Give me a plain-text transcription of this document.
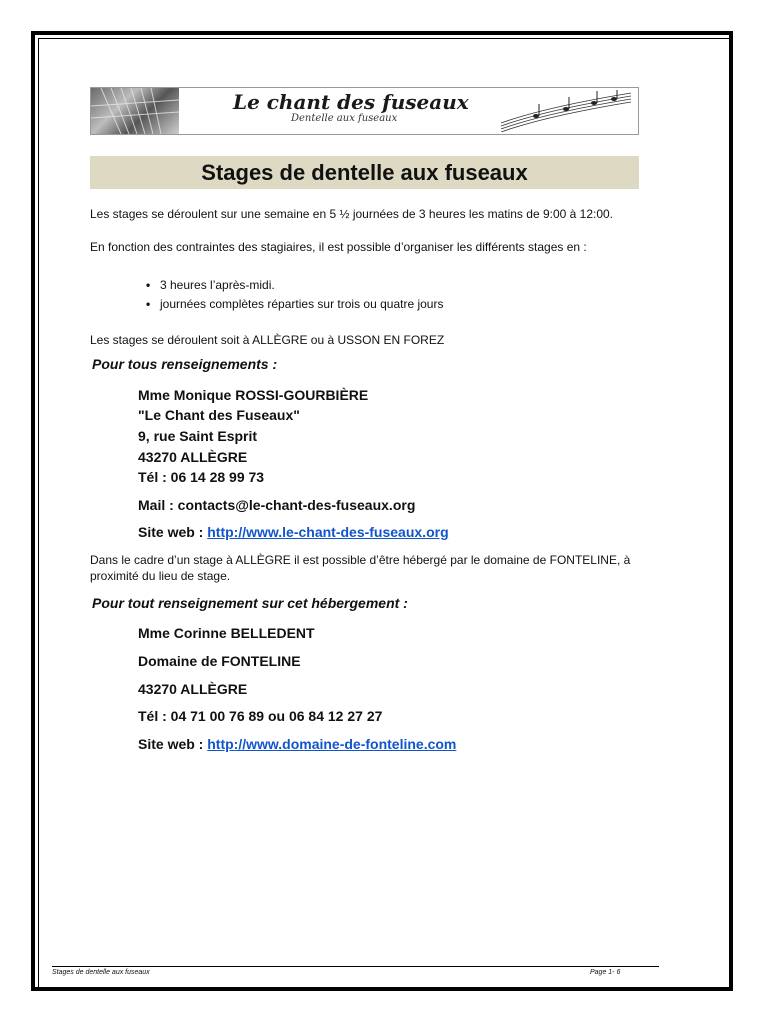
Le chant des fuseaux
Dentelle aux fuseaux
Stages de dentelle aux fuseaux
Les stages se déroulent sur une semaine en 5 ½ journées de 3 heures les matins de 9:00 à 12:00.
En fonction des contraintes des stagiaires, il est possible d’organiser les différents stages en :
• 3 heures l’après-midi.
• journées complètes réparties sur trois ou quatre jours
Les stages se déroulent soit à ALLÈGRE ou à USSON EN FOREZ
Pour tous renseignements :
Mme Monique ROSSI-GOURBIÈRE
"Le Chant des Fuseaux"
9, rue Saint Esprit
43270 ALLÈGRE
Tél : 06 14 28 99 73
Mail : contacts@le-chant-des-fuseaux.org
Site web : http://www.le-chant-des-fuseaux.org
Dans le cadre d’un stage à ALLÈGRE il est possible d’être hébergé par le domaine de FONTELINE, à proximité du lieu de stage.
Pour tout renseignement sur cet hébergement :
Mme Corinne BELLEDENT
Domaine de FONTELINE
43270 ALLÈGRE
Tél : 04 71 00 76 89 ou 06 84 12 27 27
Site web : http://www.domaine-de-fonteline.com
Stages de dentelle aux fuseaux	Page 1- 6
